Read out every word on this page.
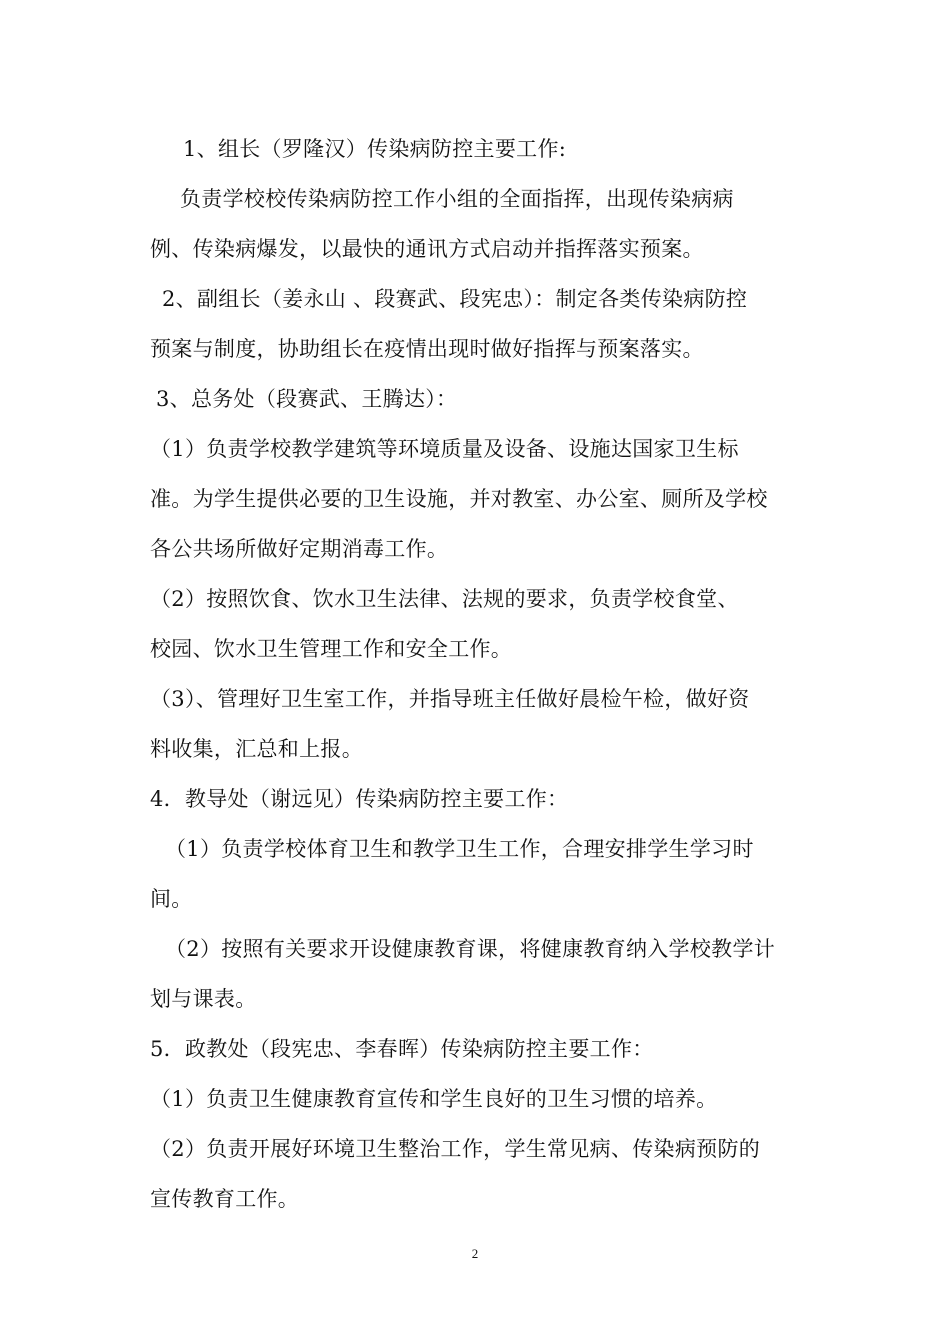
1、组长（罗隆汉）传染病防控主要工作:
负责学校校传染病防控工作小组的全面指挥，出现传染病病
例、传染病爆发，以最快的通讯方式启动并指挥落实预案。
2、副组长（姜永山 、段赛武、段宪忠）：制定各类传染病防控
预案与制度，协助组长在疫情出现时做好指挥与预案落实。
3、总务处（段赛武、王腾达）：
（1）负责学校教学建筑等环境质量及设备、设施达国家卫生标
准。为学生提供必要的卫生设施，并对教室、办公室、厕所及学校
各公共场所做好定期消毒工作。
（2）按照饮食、饮水卫生法律、法规的要求，负责学校食堂、
校园、饮水卫生管理工作和安全工作。
（3）、管理好卫生室工作，并指导班主任做好晨检午检，做好资
料收集，汇总和上报。
4．教导处（谢远见）传染病防控主要工作：
（1）负责学校体育卫生和教学卫生工作，合理安排学生学习时
间。
（2）按照有关要求开设健康教育课，将健康教育纳入学校教学计
划与课表。
5．政教处（段宪忠、李春晖）传染病防控主要工作：
（1）负责卫生健康教育宣传和学生良好的卫生习惯的培养。
（2）负责开展好环境卫生整治工作，学生常见病、传染病预防的
宣传教育工作。
2
